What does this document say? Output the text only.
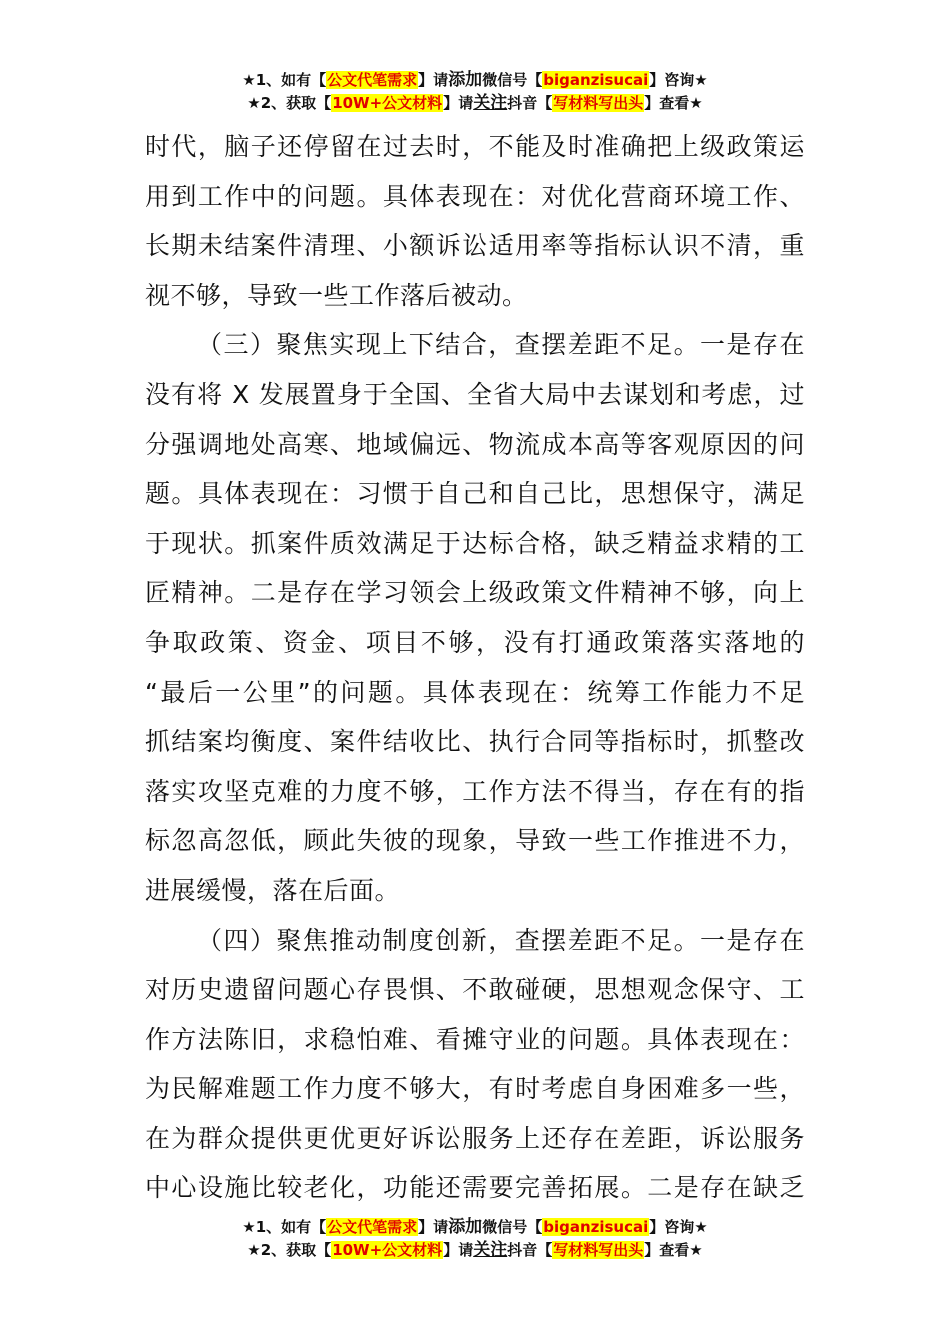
★1、如有【公文代笔需求】请添加微信号【biganzisucai】咨询★
★2、获取【10W+公文材料】请关注抖音【写材料写出头】查看★
时代，脑子还停留在过去时，不能及时准确把上级政策运
用到工作中的问题。具体表现在：对优化营商环境工作、
长期未结案件清理、小额诉讼适用率等指标认识不清，重
视不够，导致一些工作落后被动。
（三）聚焦实现上下结合，查摆差距不足。一是存在
没有将 X 发展置身于全国、全省大局中去谋划和考虑，过
分强调地处高寒、地域偏远、物流成本高等客观原因的问
题。具体表现在：习惯于自己和自己比，思想保守，满足
于现状。抓案件质效满足于达标合格，缺乏精益求精的工
匠精神。二是存在学习领会上级政策文件精神不够，向上
争取政策、资金、项目不够，没有打通政策落实落地的
“最后一公里”的问题。具体表现在：统筹工作能力不足
抓结案均衡度、案件结收比、执行合同等指标时，抓整改
落实攻坚克难的力度不够，工作方法不得当，存在有的指
标忽高忽低，顾此失彼的现象，导致一些工作推进不力，
进展缓慢，落在后面。
（四）聚焦推动制度创新，查摆差距不足。一是存在
对历史遗留问题心存畏惧、不敢碰硬，思想观念保守、工
作方法陈旧，求稳怕难、看摊守业的问题。具体表现在：
为民解难题工作力度不够大，有时考虑自身困难多一些，
在为群众提供更优更好诉讼服务上还存在差距，诉讼服务
中心设施比较老化，功能还需要完善拓展。二是存在缺乏
★1、如有【公文代笔需求】请添加微信号【biganzisucai】咨询★
★2、获取【10W+公文材料】请关注抖音【写材料写出头】查看★
